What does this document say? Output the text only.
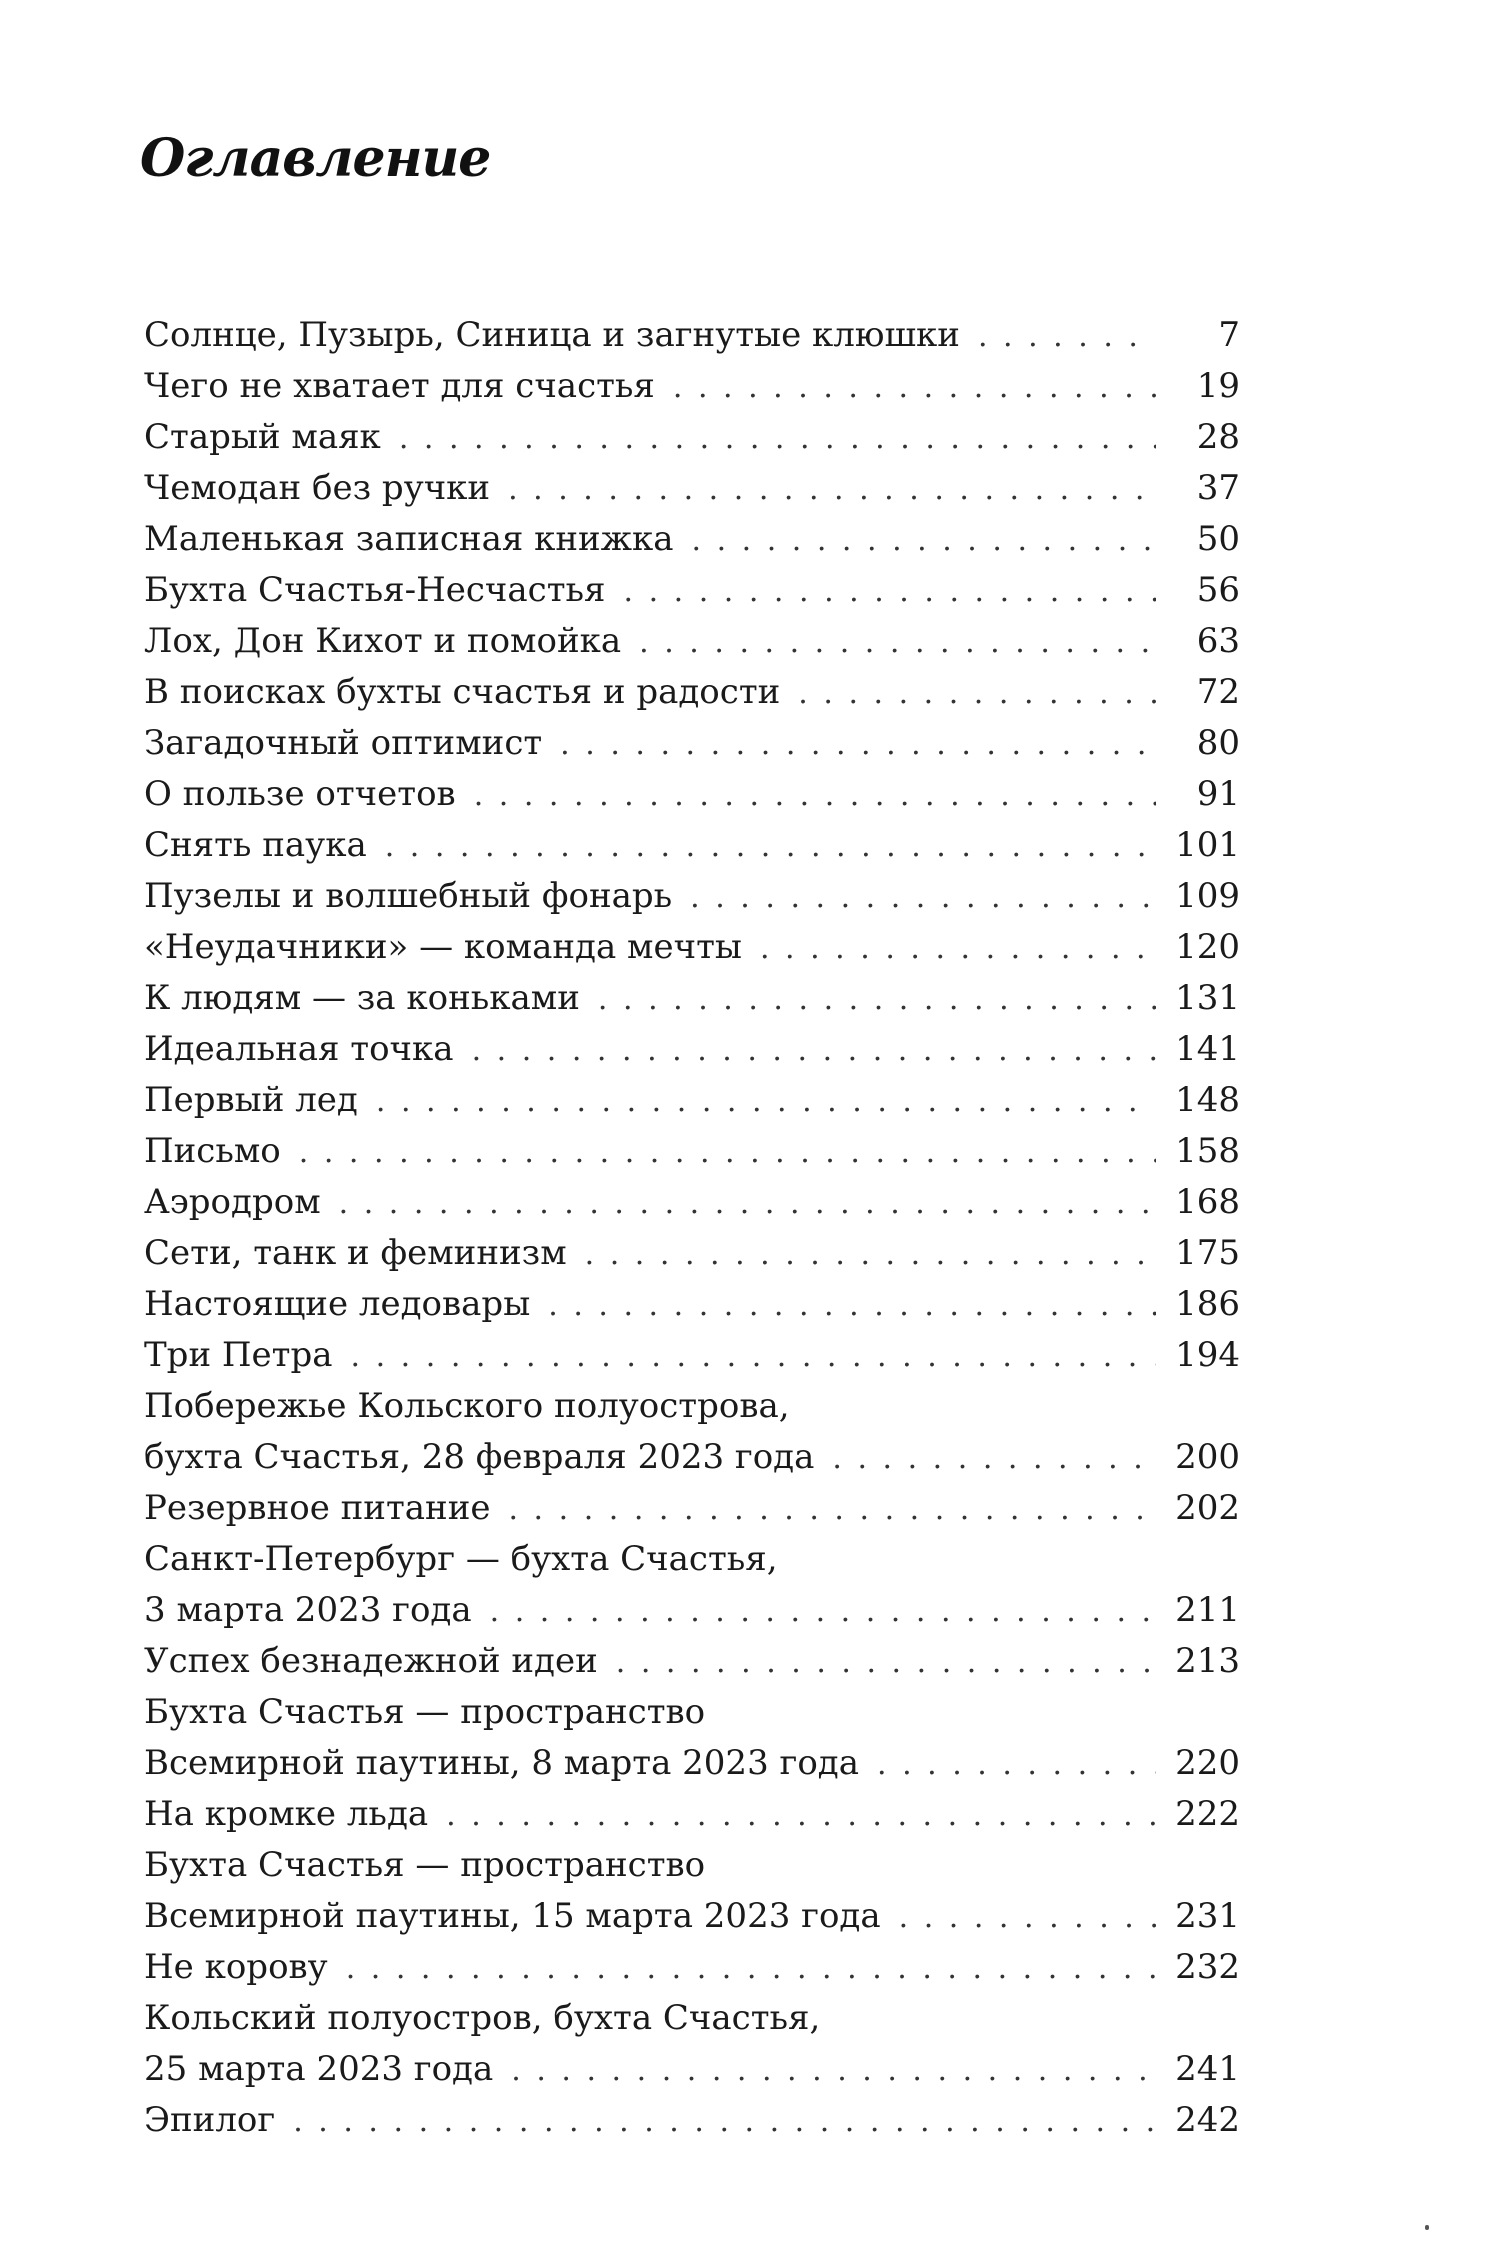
Оглавление
Солнце, Пузырь, Синица и загнутые клюшки . . .	7
Чего не хватает для счастья . . .	19
Старый маяк . . .	28
Чемодан без ручки . . .	37
Маленькая записная книжка . . .	50
Бухта Счастья-Несчастья . . .	56
Лох, Дон Кихот и помойка . . .	63
В поисках бухты счастья и радости . . .	72
Загадочный оптимист . . .	80
О пользе отчетов . . .	91
Снять паука . . .	101
Пузелы и волшебный фонарь . . .	109
«Неудачники» — команда мечты . . .	120
К людям — за коньками . . .	131
Идеальная точка . . .	141
Первый лед . . .	148
Письмо . . .	158
Аэродром . . .	168
Сети, танк и феминизм . . .	175
Настоящие ледовары . . .	186
Три Петра . . .	194
Побережье Кольского полуострова,
бухта Счастья, 28 февраля 2023 года . . .	200
Резервное питание . . .	202
Санкт-Петербург — бухта Счастья,
3 марта 2023 года . . .	211
Успех безнадежной идеи . . .	213
Бухта Счастья — пространство
Всемирной паутины, 8 марта 2023 года . . .	220
На кромке льда . . .	222
Бухта Счастья — пространство
Всемирной паутины, 15 марта 2023 года . . .	231
Не корову . . .	232
Кольский полуостров, бухта Счастья,
25 марта 2023 года . . .	241
Эпилог . . .	242
